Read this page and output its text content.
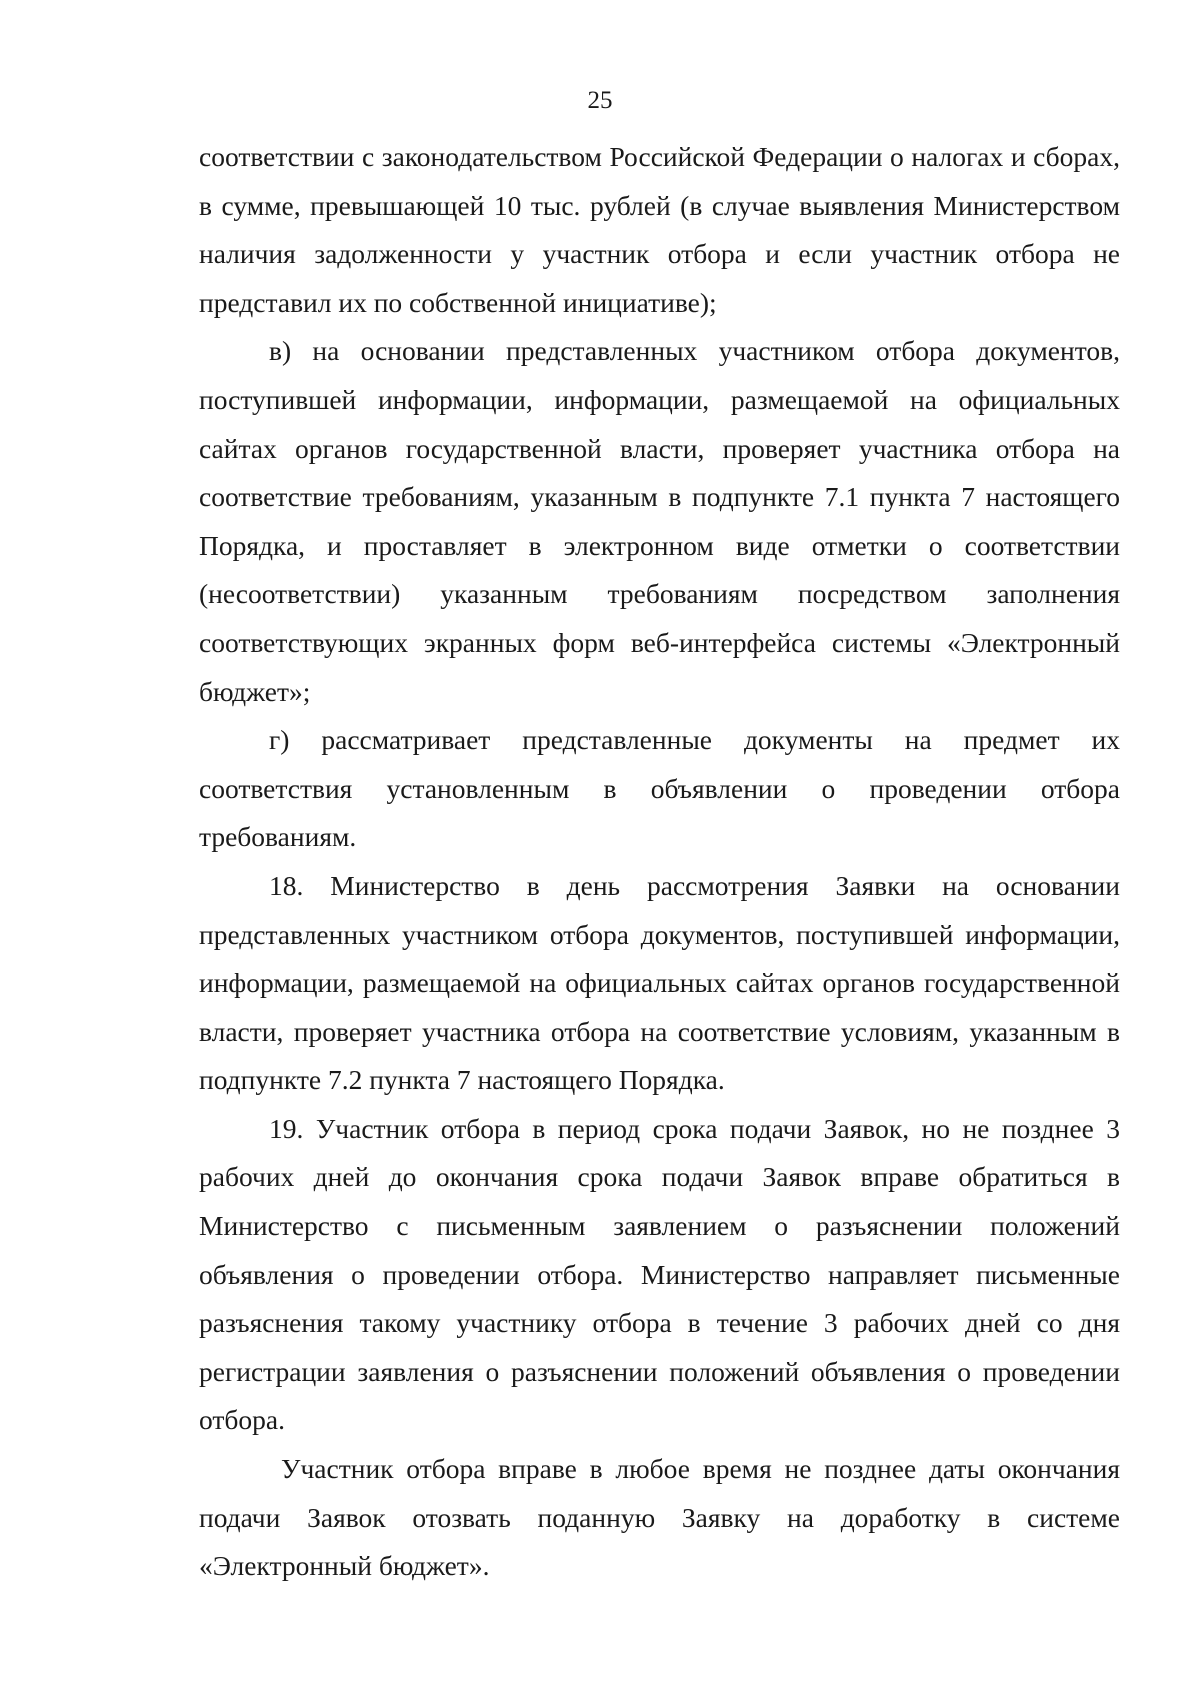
25

соответствии с законодательством Российской Федерации о налогах и сборах, в сумме, превышающей 10 тыс. рублей (в случае выявления Министерством наличия задолженности у участник отбора и если участник отбора не представил их по собственной инициативе);

в) на основании представленных участником отбора документов, поступившей информации, информации, размещаемой на официальных сайтах органов государственной власти, проверяет участника отбора на соответствие требованиям, указанным в подпункте 7.1 пункта 7 настоящего Порядка, и проставляет в электронном виде отметки о соответствии (несоответствии) указанным требованиям посредством заполнения соответствующих экранных форм веб-интерфейса системы «Электронный бюджет»;

г) рассматривает представленные документы на предмет их соответствия установленным в объявлении о проведении отбора требованиям.

18. Министерство в день рассмотрения Заявки на основании представленных участником отбора документов, поступившей информации, информации, размещаемой на официальных сайтах органов государственной власти, проверяет участника отбора на соответствие условиям, указанным в подпункте 7.2 пункта 7 настоящего Порядка.

19. Участник отбора в период срока подачи Заявок, но не позднее 3 рабочих дней до окончания срока подачи Заявок вправе обратиться в Министерство с письменным заявлением о разъяснении положений объявления о проведении отбора. Министерство направляет письменные разъяснения такому участнику отбора в течение 3 рабочих дней со дня регистрации заявления о разъяснении положений объявления о проведении отбора.

Участник отбора вправе в любое время не позднее даты окончания подачи Заявок отозвать поданную Заявку на доработку в системе «Электронный бюджет».
